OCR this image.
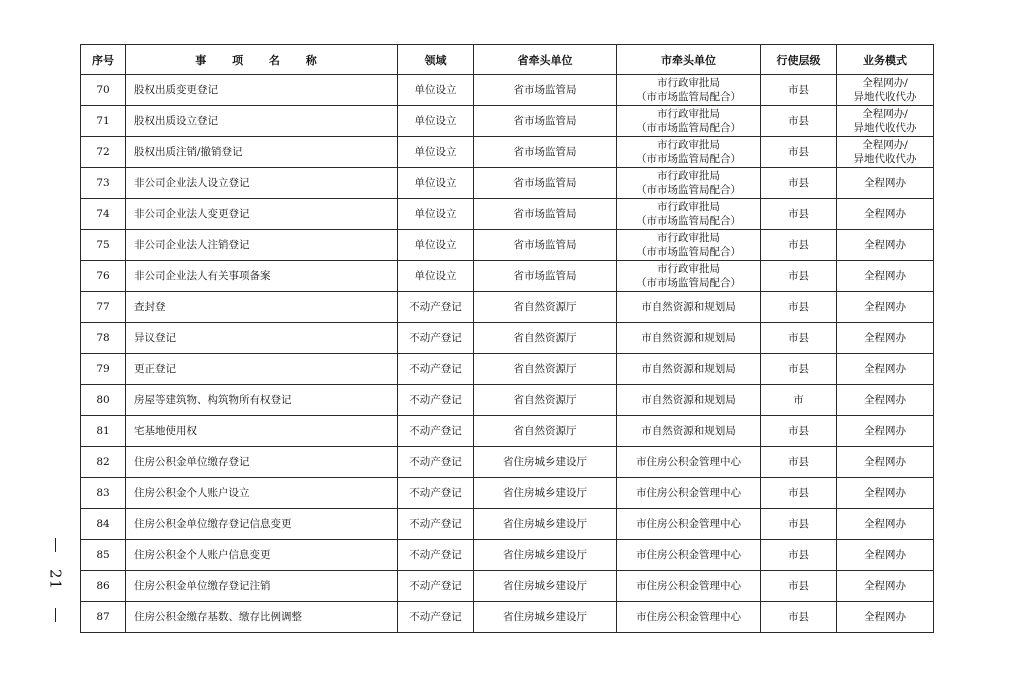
21
序号	事 项 名 称	领域	省牵头单位	市牵头单位	行使层级	业务模式
70	股权出质变更登记	单位设立	省市场监管局	市行政审批局
（市市场监管局配合）	市县	全程网办/
异地代收代办

71	股权出质设立登记	单位设立	省市场监管局	市行政审批局
（市市场监管局配合）	市县	全程网办/
异地代收代办

72	股权出质注销/撤销登记	单位设立	省市场监管局	市行政审批局
（市市场监管局配合）	市县	全程网办/
异地代收代办

73	非公司企业法人设立登记	单位设立	省市场监管局	市行政审批局
（市市场监管局配合）	市县	全程网办

74	非公司企业法人变更登记	单位设立	省市场监管局	市行政审批局
（市市场监管局配合）	市县	全程网办

75	非公司企业法人注销登记	单位设立	省市场监管局	市行政审批局
（市市场监管局配合）	市县	全程网办

76	非公司企业法人有关事项备案	单位设立	省市场监管局	市行政审批局
（市市场监管局配合）	市县	全程网办

77	查封登	不动产登记	省自然资源厅	市自然资源和规划局	市县	全程网办

78	异议登记	不动产登记	省自然资源厅	市自然资源和规划局	市县	全程网办

79	更正登记	不动产登记	省自然资源厅	市自然资源和规划局	市县	全程网办

80	房屋等建筑物、构筑物所有权登记	不动产登记	省自然资源厅	市自然资源和规划局	市	全程网办

81	宅基地使用权	不动产登记	省自然资源厅	市自然资源和规划局	市县	全程网办

82	住房公积金单位缴存登记	不动产登记	省住房城乡建设厅	市住房公积金管理中心	市县	全程网办

83	住房公积金个人账户设立	不动产登记	省住房城乡建设厅	市住房公积金管理中心	市县	全程网办

84	住房公积金单位缴存登记信息变更	不动产登记	省住房城乡建设厅	市住房公积金管理中心	市县	全程网办

85	住房公积金个人账户信息变更	不动产登记	省住房城乡建设厅	市住房公积金管理中心	市县	全程网办

86	住房公积金单位缴存登记注销	不动产登记	省住房城乡建设厅	市住房公积金管理中心	市县	全程网办

87	住房公积金缴存基数、缴存比例调整	不动产登记	省住房城乡建设厅	市住房公积金管理中心	市县	全程网办
